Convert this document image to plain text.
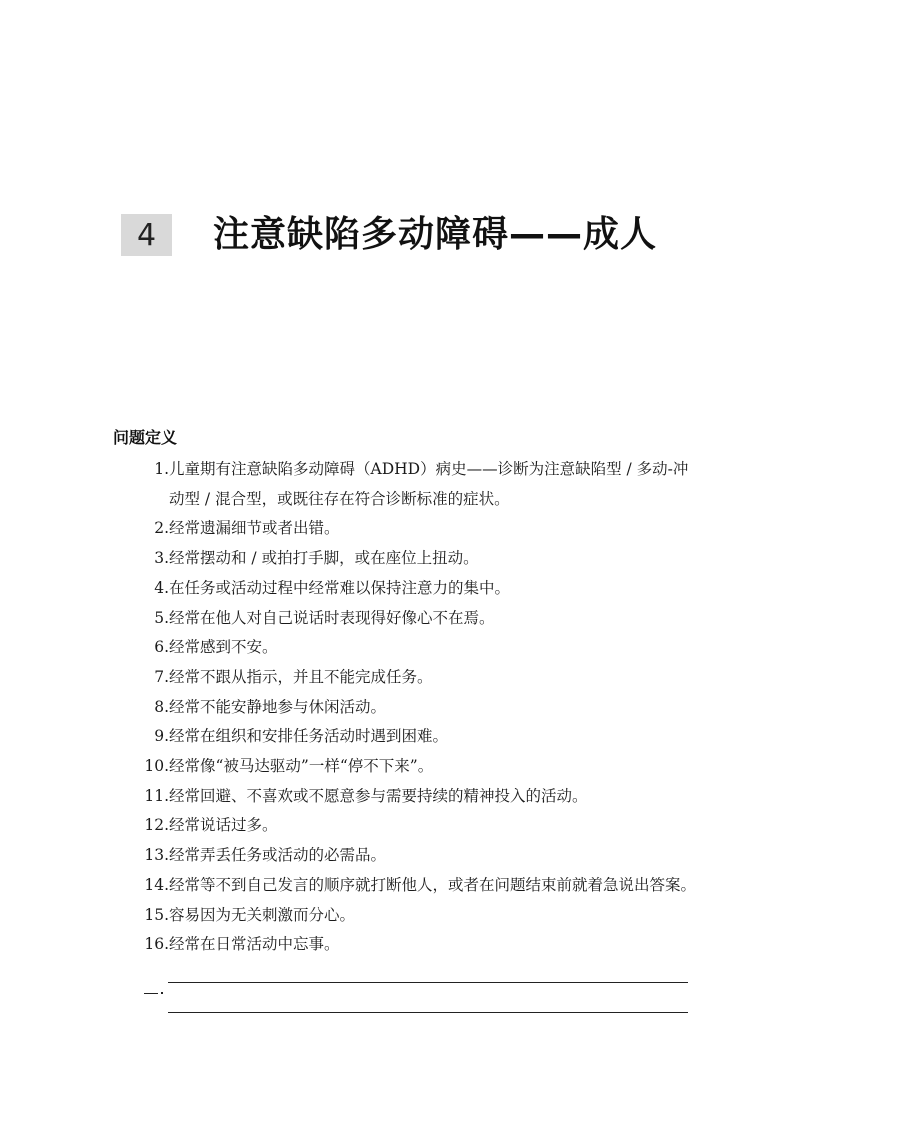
4 注意缺陷多动障碍——成人
问题定义
1. 儿童期有注意缺陷多动障碍（ADHD）病史——诊断为注意缺陷型 / 多动-冲动型 / 混合型，或既往存在符合诊断标准的症状。
2. 经常遗漏细节或者出错。
3. 经常摆动和 / 或拍打手脚，或在座位上扭动。
4. 在任务或活动过程中经常难以保持注意力的集中。
5. 经常在他人对自己说话时表现得好像心不在焉。
6. 经常感到不安。
7. 经常不跟从指示，并且不能完成任务。
8. 经常不能安静地参与休闲活动。
9. 经常在组织和安排任务活动时遇到困难。
10. 经常像“被马达驱动”一样“停不下来”。
11. 经常回避、不喜欢或不愿意参与需要持续的精神投入的活动。
12. 经常说话过多。
13. 经常弄丢任务或活动的必需品。
14. 经常等不到自己发言的顺序就打断他人，或者在问题结束前就着急说出答案。
15. 容易因为无关刺激而分心。
16. 经常在日常活动中忘事。
